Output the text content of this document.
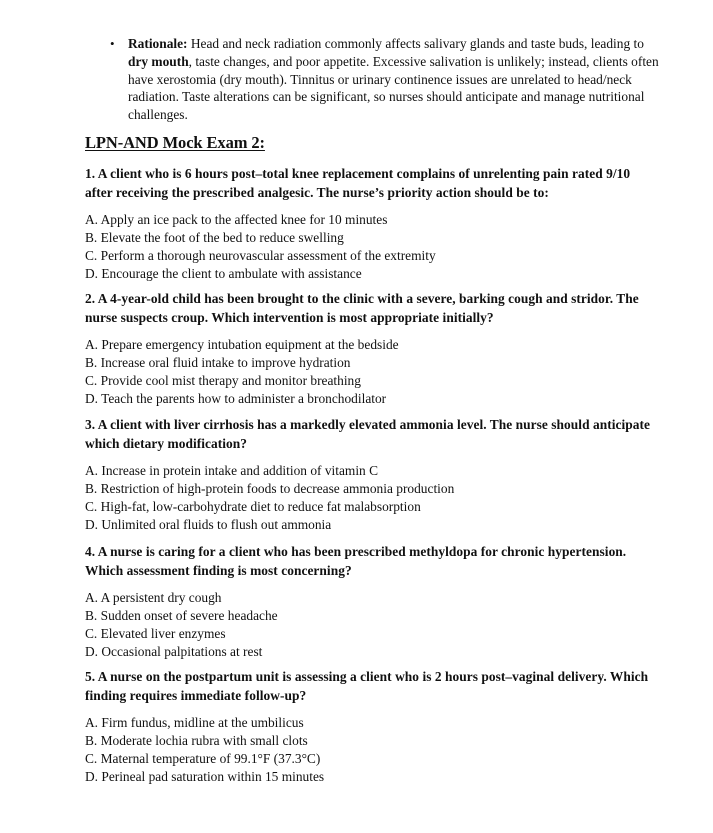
• Rationale: Head and neck radiation commonly affects salivary glands and taste buds, leading to dry mouth, taste changes, and poor appetite. Excessive salivation is unlikely; instead, clients often have xerostomia (dry mouth). Tinnitus or urinary continence issues are unrelated to head/neck radiation. Taste alterations can be significant, so nurses should anticipate and manage nutritional challenges.
LPN-AND Mock Exam 2:

1. A client who is 6 hours post–total knee replacement complains of unrelenting pain rated 9/10 after receiving the prescribed analgesic. The nurse’s priority action should be to:

A. Apply an ice pack to the affected knee for 10 minutes

B. Elevate the foot of the bed to reduce swelling

C. Perform a thorough neurovascular assessment of the extremity

D. Encourage the client to ambulate with assistance

2. A 4-year-old child has been brought to the clinic with a severe, barking cough and stridor. The nurse suspects croup. Which intervention is most appropriate initially?

A. Prepare emergency intubation equipment at the bedside

B. Increase oral fluid intake to improve hydration

C. Provide cool mist therapy and monitor breathing

D. Teach the parents how to administer a bronchodilator

3. A client with liver cirrhosis has a markedly elevated ammonia level. The nurse should anticipate which dietary modification?

A. Increase in protein intake and addition of vitamin C

B. Restriction of high-protein foods to decrease ammonia production

C. High-fat, low-carbohydrate diet to reduce fat malabsorption

D. Unlimited oral fluids to flush out ammonia

4. A nurse is caring for a client who has been prescribed methyldopa for chronic hypertension. Which assessment finding is most concerning?

A. A persistent dry cough

B. Sudden onset of severe headache

C. Elevated liver enzymes

D. Occasional palpitations at rest

5. A nurse on the postpartum unit is assessing a client who is 2 hours post–vaginal delivery. Which finding requires immediate follow-up?

A. Firm fundus, midline at the umbilicus

B. Moderate lochia rubra with small clots

C. Maternal temperature of 99.1°F (37.3°C)

D. Perineal pad saturation within 15 minutes
